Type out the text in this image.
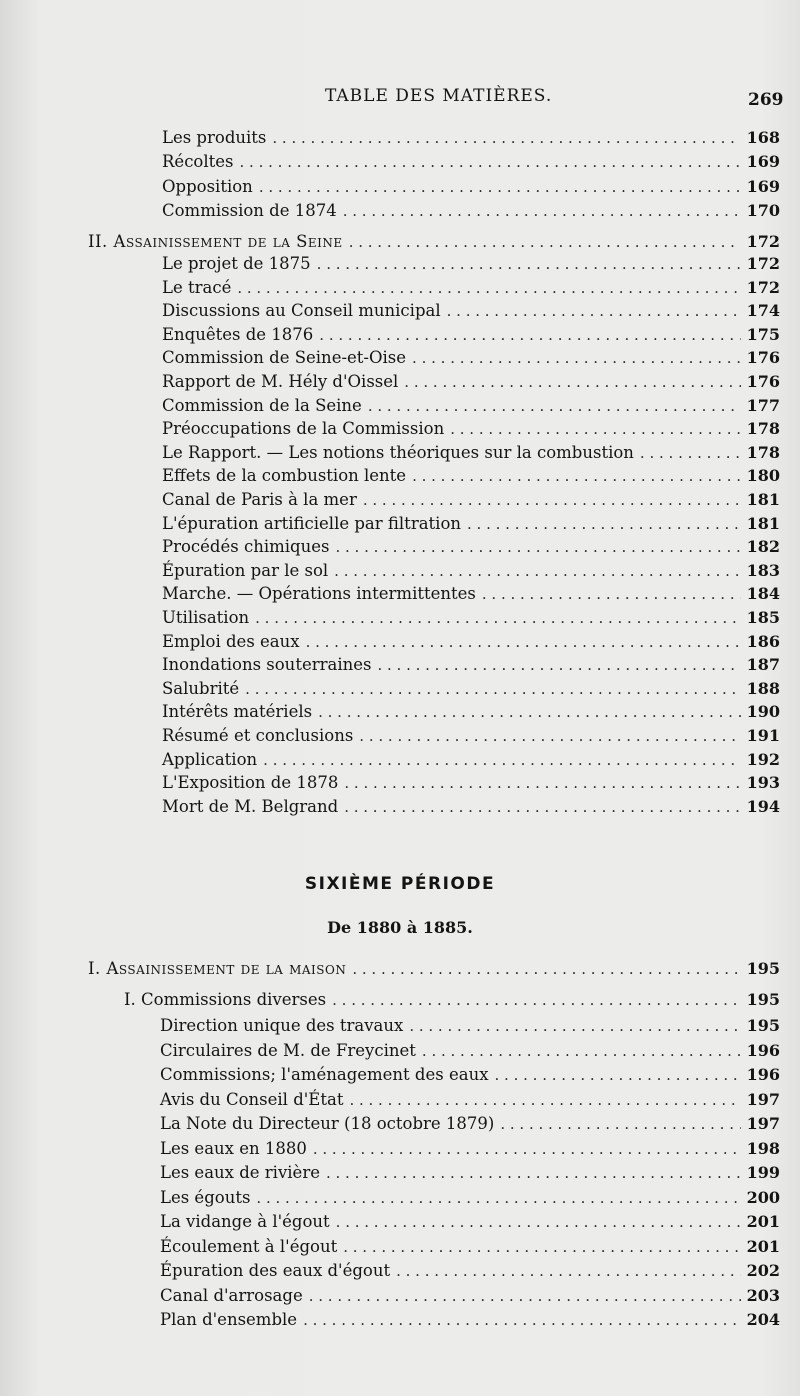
TABLE DES MATIÈRES.	269
Les produits . . .	168
Récoltes . . .	169
Opposition . . .	169
Commission de 1874 . . .	170
II. Assainissement de la Seine . . .	172
Le projet de 1875 . . .	172
Le tracé . . .	172
Discussions au Conseil municipal . . .	174
Enquêtes de 1876 . . .	175
Commission de Seine-et-Oise . . .	176
Rapport de M. Hély d'Oissel . . .	176
Commission de la Seine . . .	177
Préoccupations de la Commission . . .	178
Le Rapport. — Les notions théoriques sur la combustion . . .	178
Effets de la combustion lente . . .	180
Canal de Paris à la mer . . .	181
L'épuration artificielle par filtration . . .	181
Procédés chimiques . . .	182
Épuration par le sol . . .	183
Marche. — Opérations intermittentes . . .	184
Utilisation . . .	185
Emploi des eaux . . .	186
Inondations souterraines . . .	187
Salubrité . . .	188
Intérêts matériels . . .	190
Résumé et conclusions . . .	191
Application . . .	192
L'Exposition de 1878 . . .	193
Mort de M. Belgrand . . .	194
SIXIÈME PÉRIODE
De 1880 à 1885.
I. Assainissement de la maison . . .	195
I. Commissions diverses . . .	195
Direction unique des travaux . . .	195
Circulaires de M. de Freycinet . . .	196
Commissions; l'aménagement des eaux . . .	196
Avis du Conseil d'État . . .	197
La Note du Directeur (18 octobre 1879) . . .	197
Les eaux en 1880 . . .	198
Les eaux de rivière . . .	199
Les égouts . . .	200
La vidange à l'égout . . .	201
Écoulement à l'égout . . .	201
Épuration des eaux d'égout . . .	202
Canal d'arrosage . . .	203
Plan d'ensemble . . .	204
